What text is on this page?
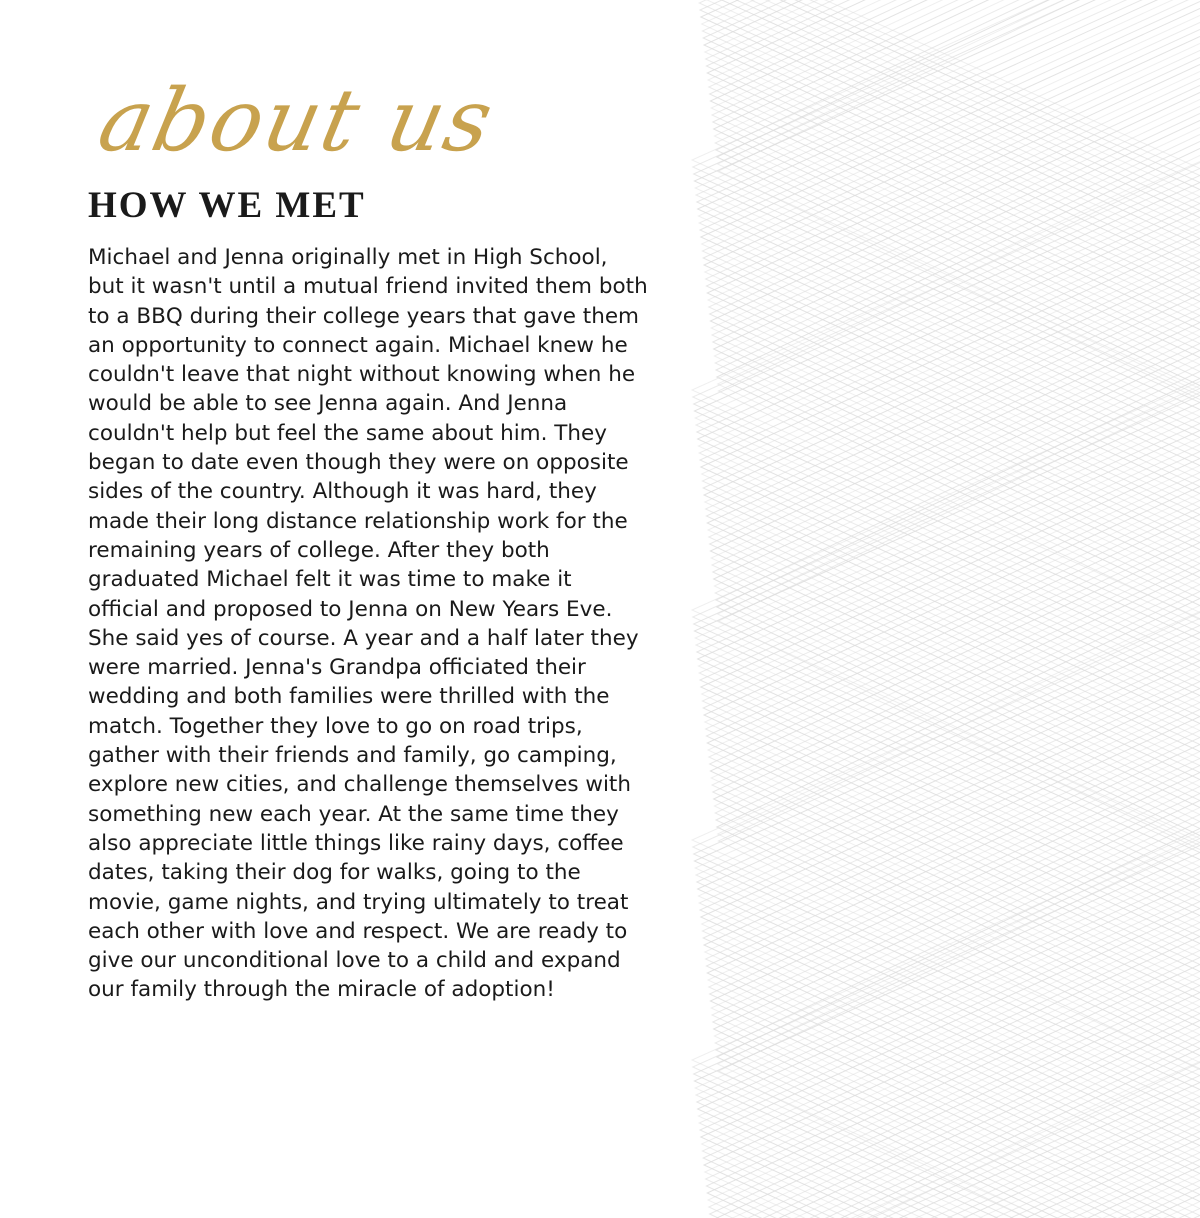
about us
HOW WE MET

Michael and Jenna originally met in High School, but it wasn't until a mutual friend invited them both to a BBQ during their college years that gave them an opportunity to connect again. Michael knew he couldn't leave that night without knowing when he would be able to see Jenna again. And Jenna couldn't help but feel the same about him. They began to date even though they were on opposite sides of the country. Although it was hard, they made their long distance relationship work for the remaining years of college. After they both graduated Michael felt it was time to make it official and proposed to Jenna on New Years Eve. She said yes of course. A year and a half later they were married. Jenna's Grandpa officiated their wedding and both families were thrilled with the match. Together they love to go on road trips, gather with their friends and family, go camping, explore new cities, and challenge themselves with something new each year. At the same time they also appreciate little things like rainy days, coffee dates, taking their dog for walks, going to the movie, game nights, and trying ultimately to treat each other with love and respect. We are ready to give our unconditional love to a child and expand our family through the miracle of adoption!
